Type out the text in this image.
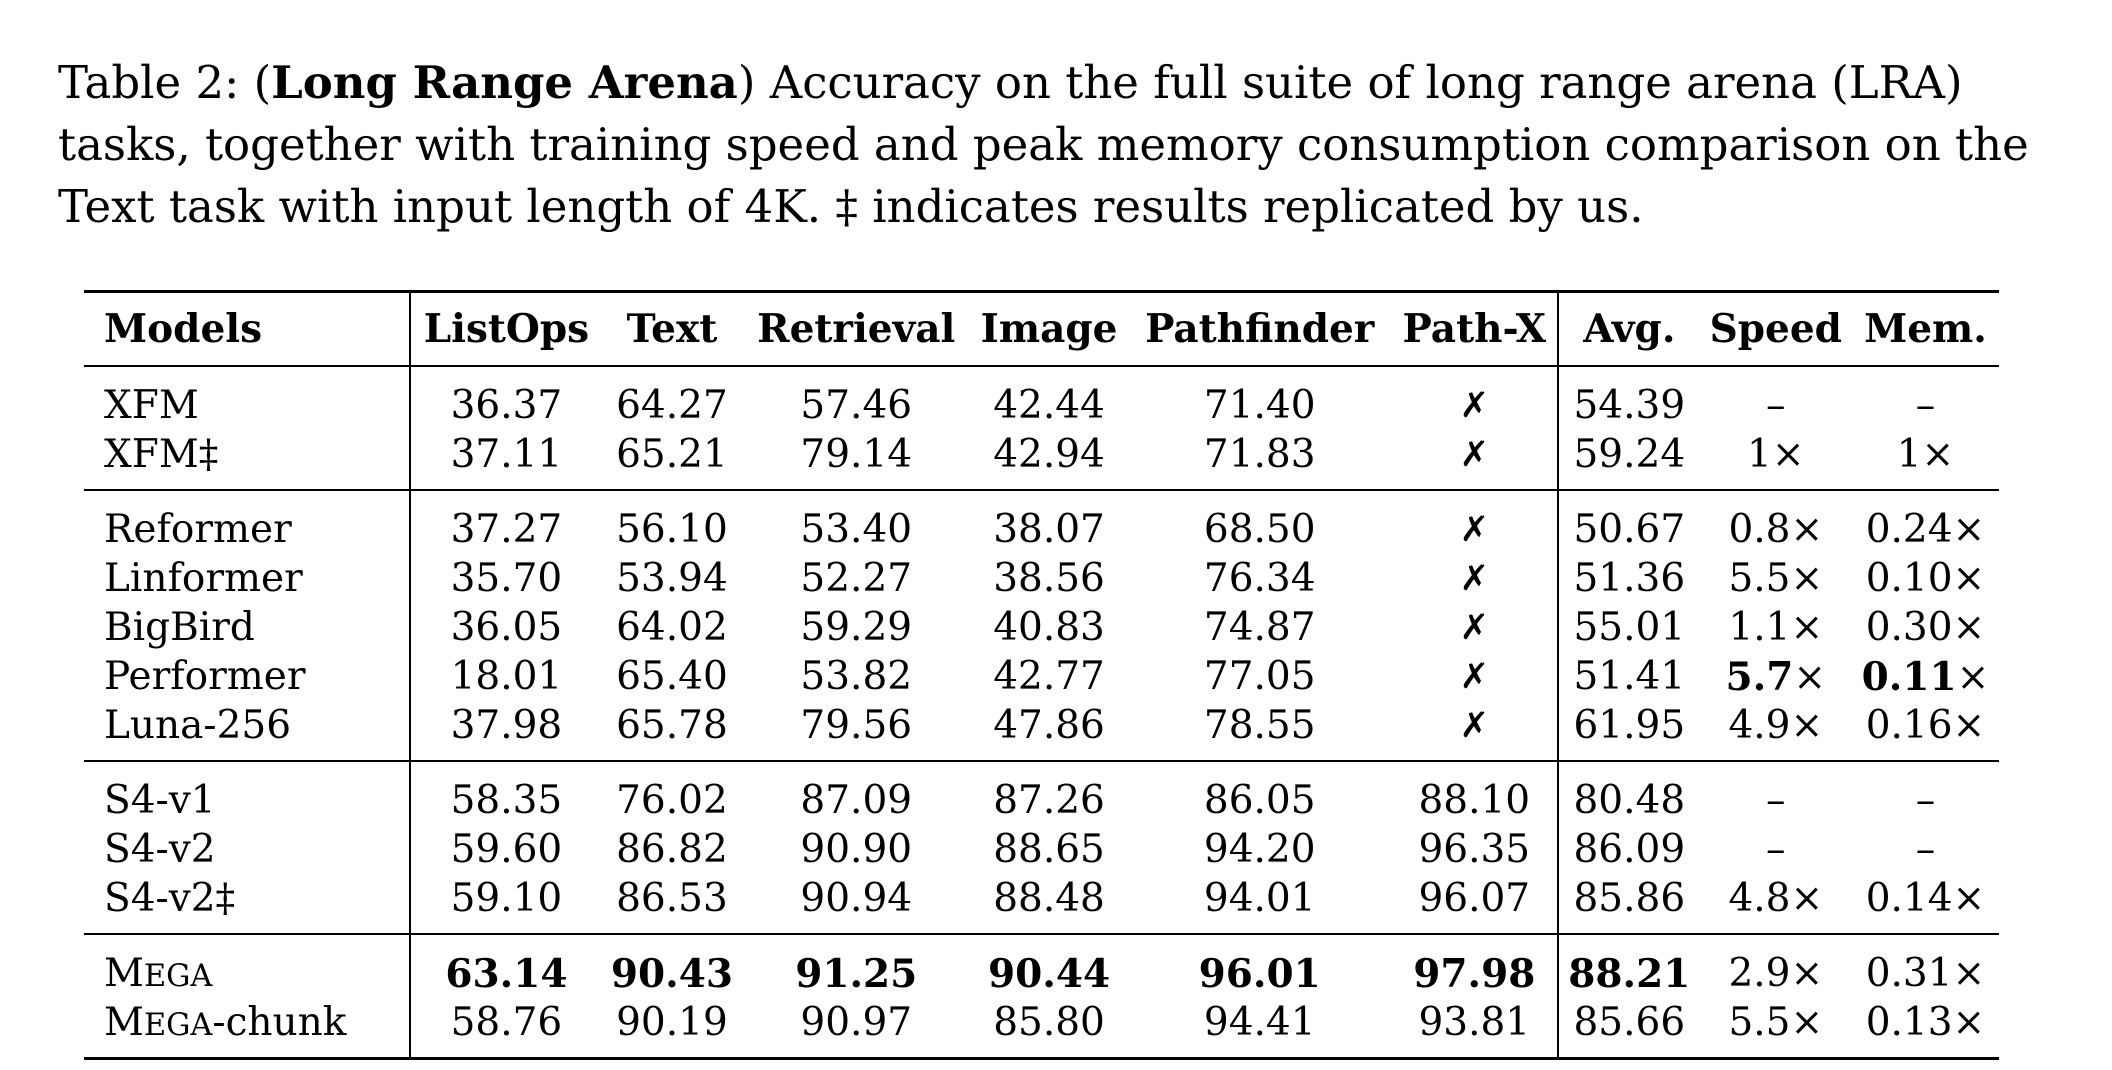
Table 2: (Long Range Arena) Accuracy on the full suite of long range arena (LRA) tasks, together with training speed and peak memory consumption comparison on the Text task with input length of 4K. ‡ indicates results replicated by us.

Models	ListOps	Text	Retrieval	Image	Pathfinder	Path-X	Avg.	Speed	Mem.
XFM	36.37	64.27	57.46	42.44	71.40	✗	54.39	–	–
XFM‡	37.11	65.21	79.14	42.94	71.83	✗	59.24	1×	1×
Reformer	37.27	56.10	53.40	38.07	68.50	✗	50.67	0.8×	0.24×
Linformer	35.70	53.94	52.27	38.56	76.34	✗	51.36	5.5×	0.10×
BigBird	36.05	64.02	59.29	40.83	74.87	✗	55.01	1.1×	0.30×
Performer	18.01	65.40	53.82	42.77	77.05	✗	51.41	5.7×	0.11×
Luna-256	37.98	65.78	79.56	47.86	78.55	✗	61.95	4.9×	0.16×
S4-v1	58.35	76.02	87.09	87.26	86.05	88.10	80.48	–	–
S4-v2	59.60	86.82	90.90	88.65	94.20	96.35	86.09	–	–
S4-v2‡	59.10	86.53	90.94	88.48	94.01	96.07	85.86	4.8×	0.14×
MEGA	63.14	90.43	91.25	90.44	96.01	97.98	88.21	2.9×	0.31×
MEGA-chunk	58.76	90.19	90.97	85.80	94.41	93.81	85.66	5.5×	0.13×
